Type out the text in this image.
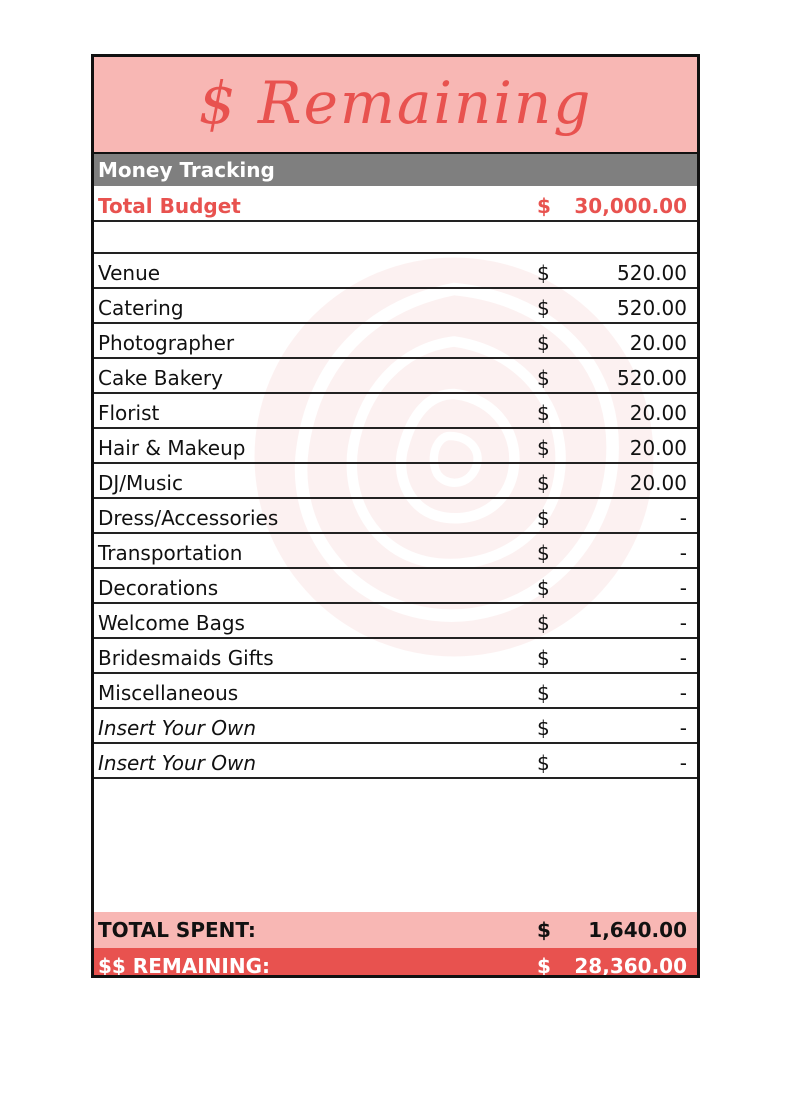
$ Remaining
Money Tracking
Total Budget	$	30,000.00
Venue	$	520.00
Catering	$	520.00
Photographer	$	20.00
Cake Bakery	$	520.00
Florist	$	20.00
Hair & Makeup	$	20.00
DJ/Music	$	20.00
Dress/Accessories	$	-
Transportation	$	-
Decorations	$	-
Welcome Bags	$	-
Bridesmaids Gifts	$	-
Miscellaneous	$	-
Insert Your Own	$	-
Insert Your Own	$	-
TOTAL SPENT:	$	1,640.00
$$ REMAINING:	$	28,360.00
